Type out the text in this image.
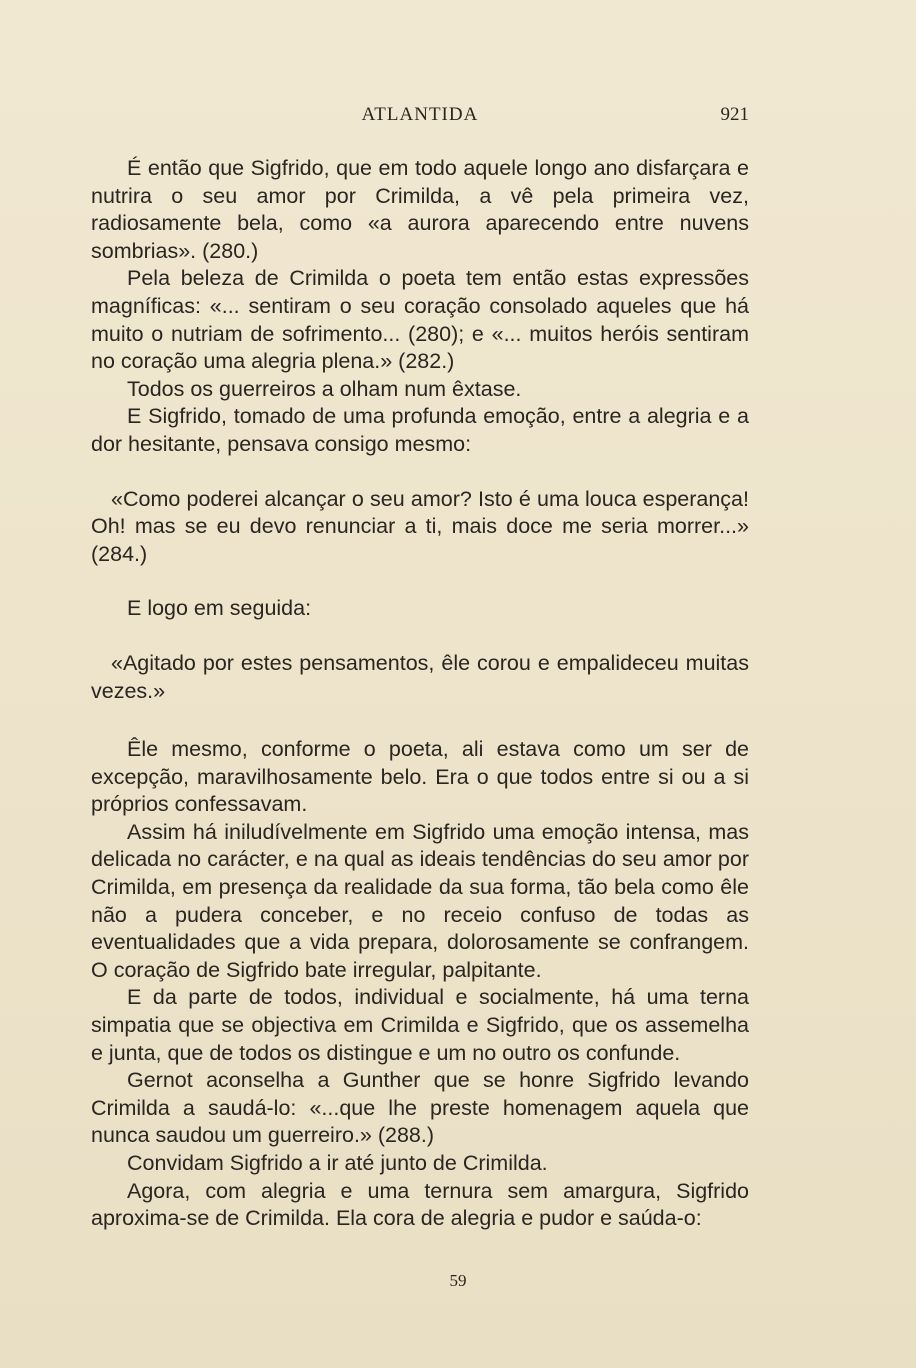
ATLANTIDA	921

É então que Sigfrido, que em todo aquele longo ano disfarçara e nutrira o seu amor por Crimilda, a vê pela primeira vez, radiosamente bela, como «a aurora aparecendo entre nuvens sombrias». (280.)

Pela beleza de Crimilda o poeta tem então estas expressões magníficas: «... sentiram o seu coração consolado aqueles que há muito o nutriam de sofrimento... (280); e «... muitos heróis sentiram no coração uma alegria plena.» (282.)

Todos os guerreiros a olham num êxtase.

E Sigfrido, tomado de uma profunda emoção, entre a alegria e a dor hesitante, pensava consigo mesmo:

«Como poderei alcançar o seu amor? Isto é uma louca esperança! Oh! mas se eu devo renunciar a ti, mais doce me seria morrer...» (284.)

E logo em seguida:

«Agitado por estes pensamentos, êle corou e empalideceu muitas vezes.»

Êle mesmo, conforme o poeta, ali estava como um ser de excepção, maravilhosamente belo. Era o que todos entre si ou a si próprios confessavam.

Assim há iniludívelmente em Sigfrido uma emoção intensa, mas delicada no carácter, e na qual as ideais tendências do seu amor por Crimilda, em presença da realidade da sua forma, tão bela como êle não a pudera conceber, e no receio confuso de todas as eventualidades que a vida prepara, dolorosamente se confrangem. O coração de Sigfrido bate irregular, palpitante.

E da parte de todos, individual e socialmente, há uma terna simpatia que se objectiva em Crimilda e Sigfrido, que os assemelha e junta, que de todos os distingue e um no outro os confunde.

Gernot aconselha a Gunther que se honre Sigfrido levando Crimilda a saudá-lo: «...que lhe preste homenagem aquela que nunca saudou um guerreiro.» (288.)

Convidam Sigfrido a ir até junto de Crimilda.

Agora, com alegria e uma ternura sem amargura, Sigfrido aproxima-se de Crimilda. Ela cora de alegria e pudor e saúda-o:

59
